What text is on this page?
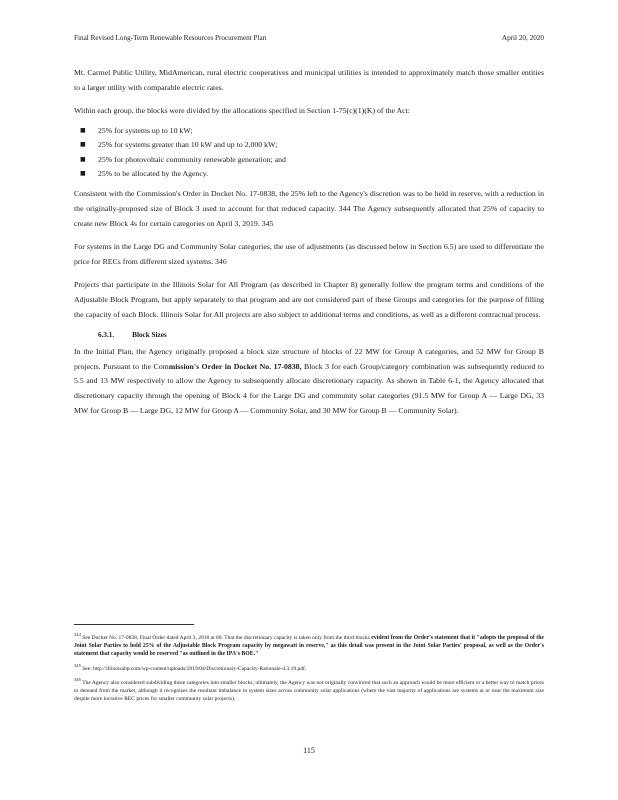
Final Revised Long-Term Renewable Resources Procurement Plan	April 20, 2020

Mt. Carmel Public Utility, MidAmerican, rural electric cooperatives and municipal utilities is intended to approximately match those smaller entities to a larger utility with comparable electric rates.

Within each group, the blocks were divided by the allocations specified in Section 1-75(c)(1)(K) of the Act:

■	25% for systems up to 10 kW;
■	25% for systems greater than 10 kW and up to 2,000 kW;
■	25% for photovoltaic community renewable generation; and
■	25% to be allocated by the Agency.

Consistent with the Commission's Order in Docket No. 17-0838, the 25% left to the Agency's discretion was to be held in reserve, with a reduction in the originally-proposed size of Block 3 used to account for that reduced capacity. 344 The Agency subsequently allocated that 25% of capacity to create new Block 4s for certain categories on April 3, 2019. 345

For systems in the Large DG and Community Solar categories, the use of adjustments (as discussed below in Section 6.5) are used to differentiate the price for RECs from different sized systems. 346

Projects that participate in the Illinois Solar for All Program (as described in Chapter 8) generally follow the program terms and conditions of the Adjustable Block Program, but apply separately to that program and are not considered part of these Groups and categories for the purpose of filling the capacity of each Block. Illinois Solar for All projects are also subject to additional terms and conditions, as well as a different contractual process.

6.3.1.	Block Sizes

In the Initial Plan, the Agency originally proposed a block size structure of blocks of 22 MW for Group A categories, and 52 MW for Group B projects. Pursuant to the Commission's Order in Docket No. 17-0838, Block 3 for each Group/category combination was subsequently reduced to 5.5 and 13 MW respectively to allow the Agency to subsequently allocate discretionary capacity. As shown in Table 6-1, the Agency allocated that discretionary capacity through the opening of Block 4 for the Large DG and community solar categories (91.5 MW for Group A — Large DG, 33 MW for Group B — Large DG, 12 MW for Group A — Community Solar, and 30 MW for Group B — Community Solar).

$^{344}$ See Docket No. 17-0838, Final Order dated April 3, 2018 at 60. That the discretionary capacity is taken only from the third blocks evident from the Order's statement that it "adopts the proposal of the Joint Solar Parties to hold 25% of the Adjustable Block Program capacity by megawatt in reserve," as this detail was present in the Joint Solar Parties' proposal, as well as the Order's statement that capacity would be reserved "as outlined in the IPA's BOE."

$^{345}$ See: http://illinoisabp.com/wp-content/uploads/2019/04/Discretionary-Capacity-Rationale-4.3.19.pdf.

$^{346}$ The Agency also considered subdividing those categories into smaller blocks; ultimately, the Agency was not originally convinced that such an approach would be more efficient or a better way to match prices to demand from the market, although it recognizes the resultant imbalance in system sizes across community solar applications (where the vast majority of applications are systems at or near the maximum size despite more lucrative REC prices for smaller community solar projects).

115
